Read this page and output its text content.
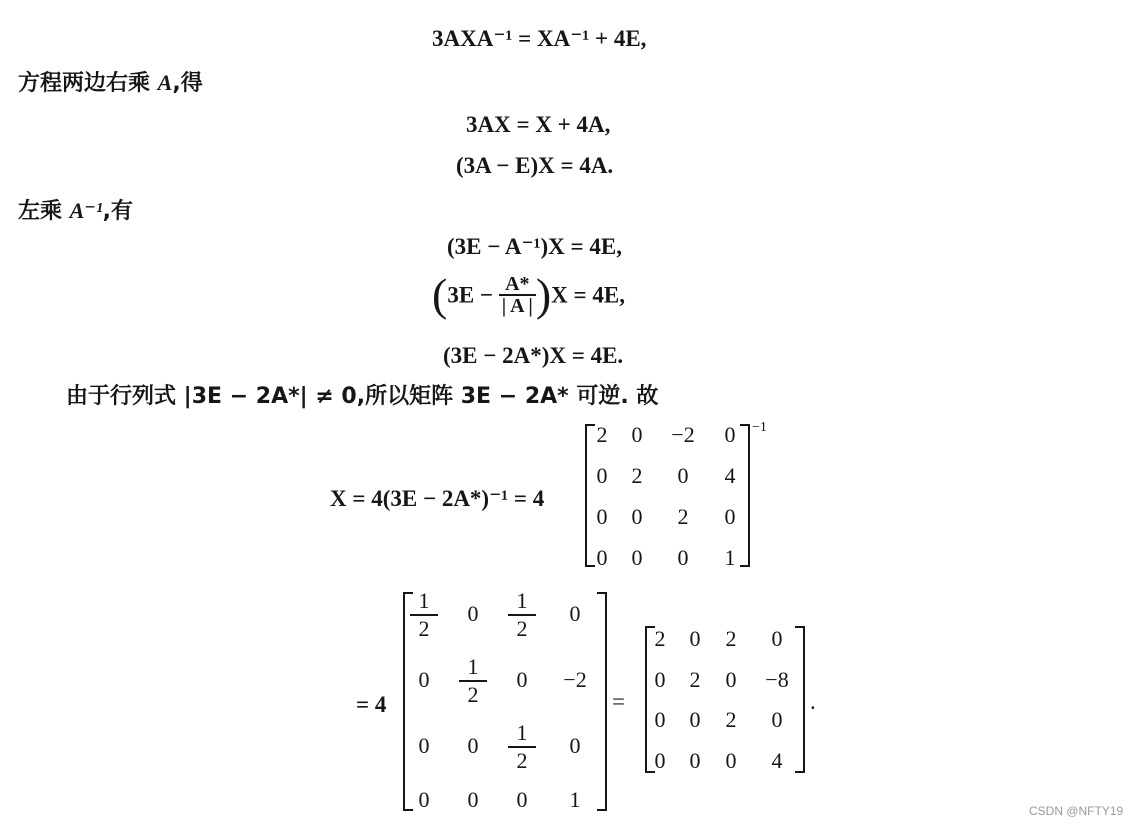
3AXA⁻¹ = XA⁻¹ + 4E,
方程两边右乘 A,得
3AX = X + 4A,
(3A − E)X = 4A.
左乘 A⁻¹,有
(3E − A⁻¹)X = 4E,
$(3E - \frac{A*}{| A |} )X = 4E$,
(3E − 2A*)X = 4E.
由于行列式 |3E − 2A*| ≠ 0,所以矩阵 3E − 2A* 可逆. 故
X = 4(3E − 2A*)⁻¹ = 4
2	0	−2	0
0	2	0	4
0	0	2	0
0	0	0	1
−1
= 4
$\frac{1}{2}$	0	$\frac{1}{2}$	0
0	$\frac{1}{2}$	0	−2
0	0	$\frac{1}{2}$	0
0	0	0	1
=
2	0	2	0
0	2	0	−8
0	0	2	0
0	0	0	4
.
CSDN @NFTY19
